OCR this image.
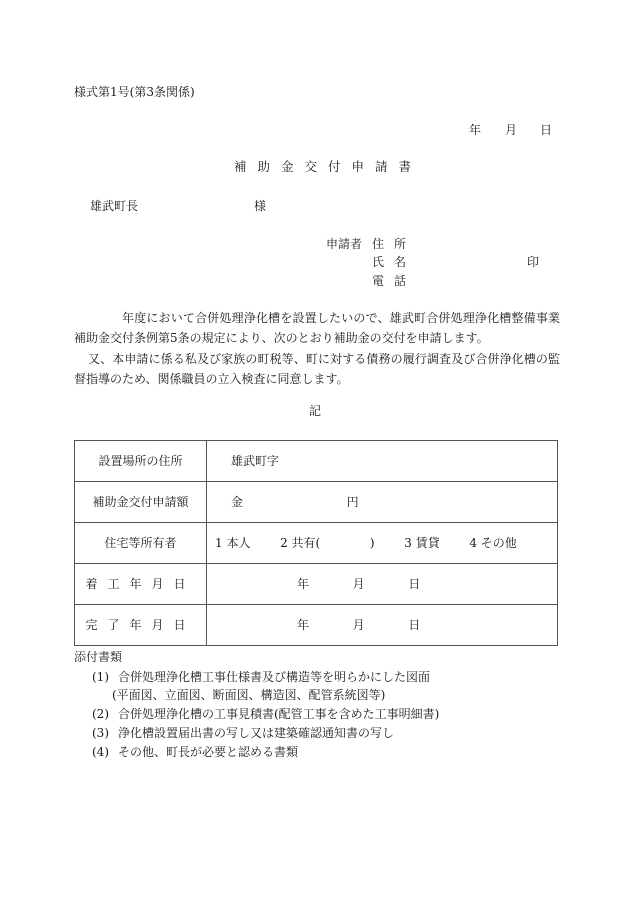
様式第1号(第3条関係)
年 月 日
補助金交付申請書
雄武町長	様
申請者 住所
氏名	印
電話
年度において合併処理浄化槽を設置したいので、雄武町合併処理浄化槽整備事業補助金交付条例第5条の規定により、次のとおり補助金の交付を申請します。
又、本申請に係る私及び家族の町税等、町に対する債務の履行調査及び合併浄化槽の監督指導のため、関係職員の立入検査に同意します。
記
設置場所の住所	雄武町字
補助金交付申請額	金 円
住宅等所有者	1 本人 2 共有( ) 3 賃貸 4 その他
着工年月日	年 月 日
完了年月日	年 月 日
添付書類
(1) 合併処理浄化槽工事仕様書及び構造等を明らかにした図面
(平面図、立面図、断面図、構造図、配管系統図等)
(2) 合併処理浄化槽の工事見積書(配管工事を含めた工事明細書)
(3) 浄化槽設置届出書の写し又は建築確認通知書の写し
(4) その他、町長が必要と認める書類
